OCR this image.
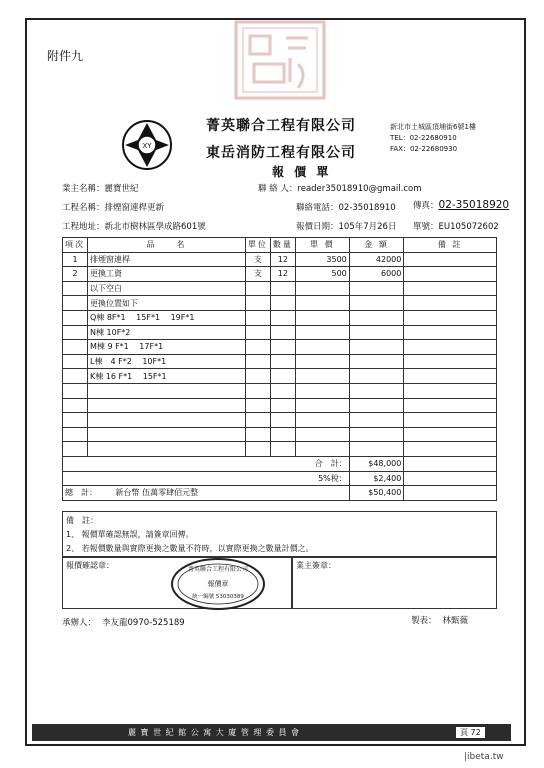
附件九
XY
菁英聯合工程有限公司
東岳消防工程有限公司
新北市土城區頂埔街6號1樓
TEL：02-22680910
FAX：02-22680930
報 價 單
業主名稱：麗寶世紀	聯 絡 人：reader35018910@gmail.com
工程名稱：排煙窗連桿更新	聯絡電話：02-35018910 傳真：02-35018920
工程地址：新北市樹林區學成路601號	報價日期：105年7月26日 單號：EU105072602
項次	品　　名	單位	數量	單 價	金 額	備 註
1	排煙窗連桿	支	12	3500	42000	
2	更換工資	支	12	500	6000	
	以下空白					
	更換位置如下					
	Q棟 8F*1　 15F*1　 19F*1					
	N棟 10F*2					
	M棟 9 F*1　 17F*1					
	L棟　4 F*2　 10F*1					
	K棟 16 F*1　 15F*1					

合　計：					$48,000	
5%稅：					$2,400	
總　計： 新台幣 伍萬零肆佰元整					$50,400	
備　註：
1、 報價單確認無誤，請簽章回傳。
2、 若報價數量與實際更換之數量不符時，以實際更換之數量計價之。
報價確認章：	業主簽章：
菁英聯合工程有限公司
報價章
統一編號 53030389
承辦人： 李友龍0970-525189	製表： 林甄薇
麗 寶 世 紀 館 公 寓 大 廈 管 理 委 員 會	頁 72
|ibeta.tw
